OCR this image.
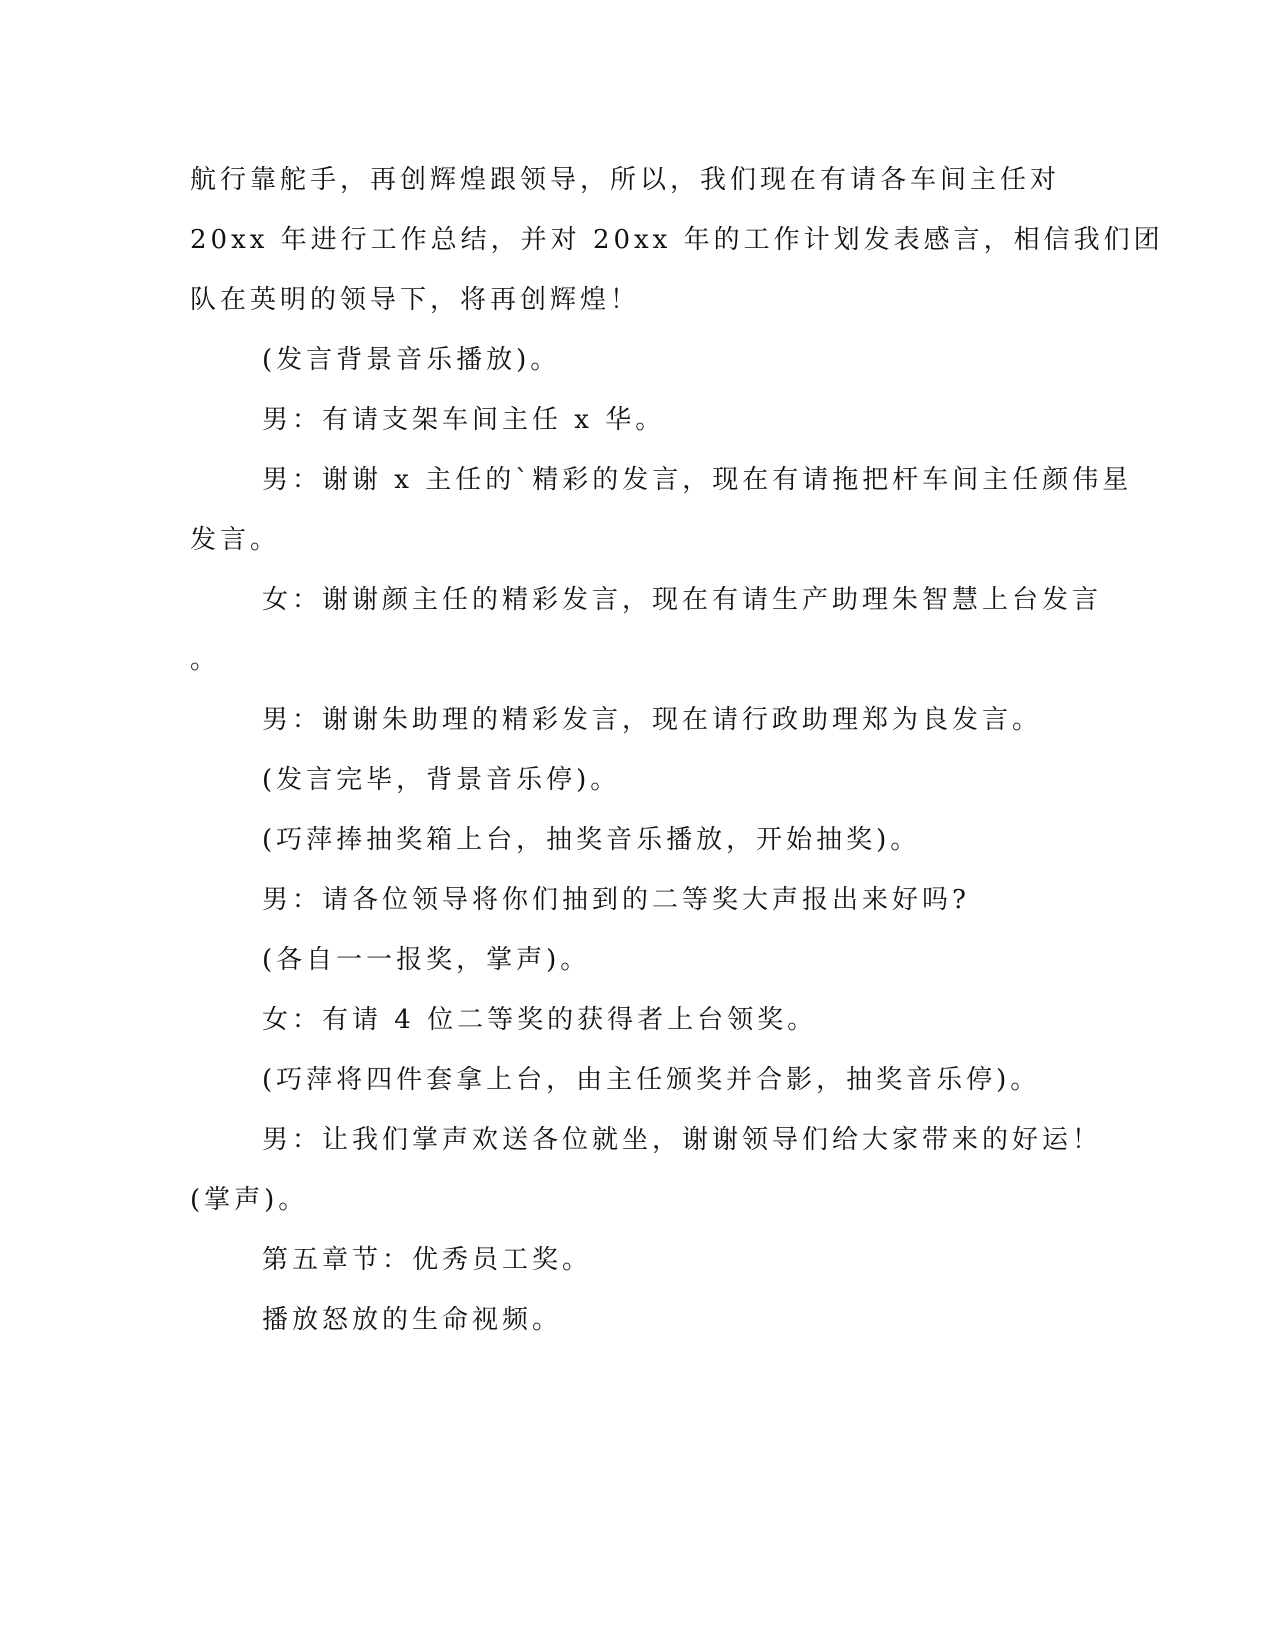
航行靠舵手，再创辉煌跟领导，所以，我们现在有请各车间主任对

20xx 年进行工作总结，并对 20xx 年的工作计划发表感言，相信我们团

队在英明的领导下，将再创辉煌！

(发言背景音乐播放)。

男：有请支架车间主任 x 华。

男：谢谢 x 主任的`精彩的发言，现在有请拖把杆车间主任颜伟星

发言。

女：谢谢颜主任的精彩发言，现在有请生产助理朱智慧上台发言

。

男：谢谢朱助理的精彩发言，现在请行政助理郑为良发言。

(发言完毕，背景音乐停)。

(巧萍捧抽奖箱上台，抽奖音乐播放，开始抽奖)。

男：请各位领导将你们抽到的二等奖大声报出来好吗?

(各自一一报奖，掌声)。

女：有请 4 位二等奖的获得者上台领奖。

(巧萍将四件套拿上台，由主任颁奖并合影，抽奖音乐停)。

男：让我们掌声欢送各位就坐，谢谢领导们给大家带来的好运！

(掌声)。

第五章节：优秀员工奖。

播放怒放的生命视频。
